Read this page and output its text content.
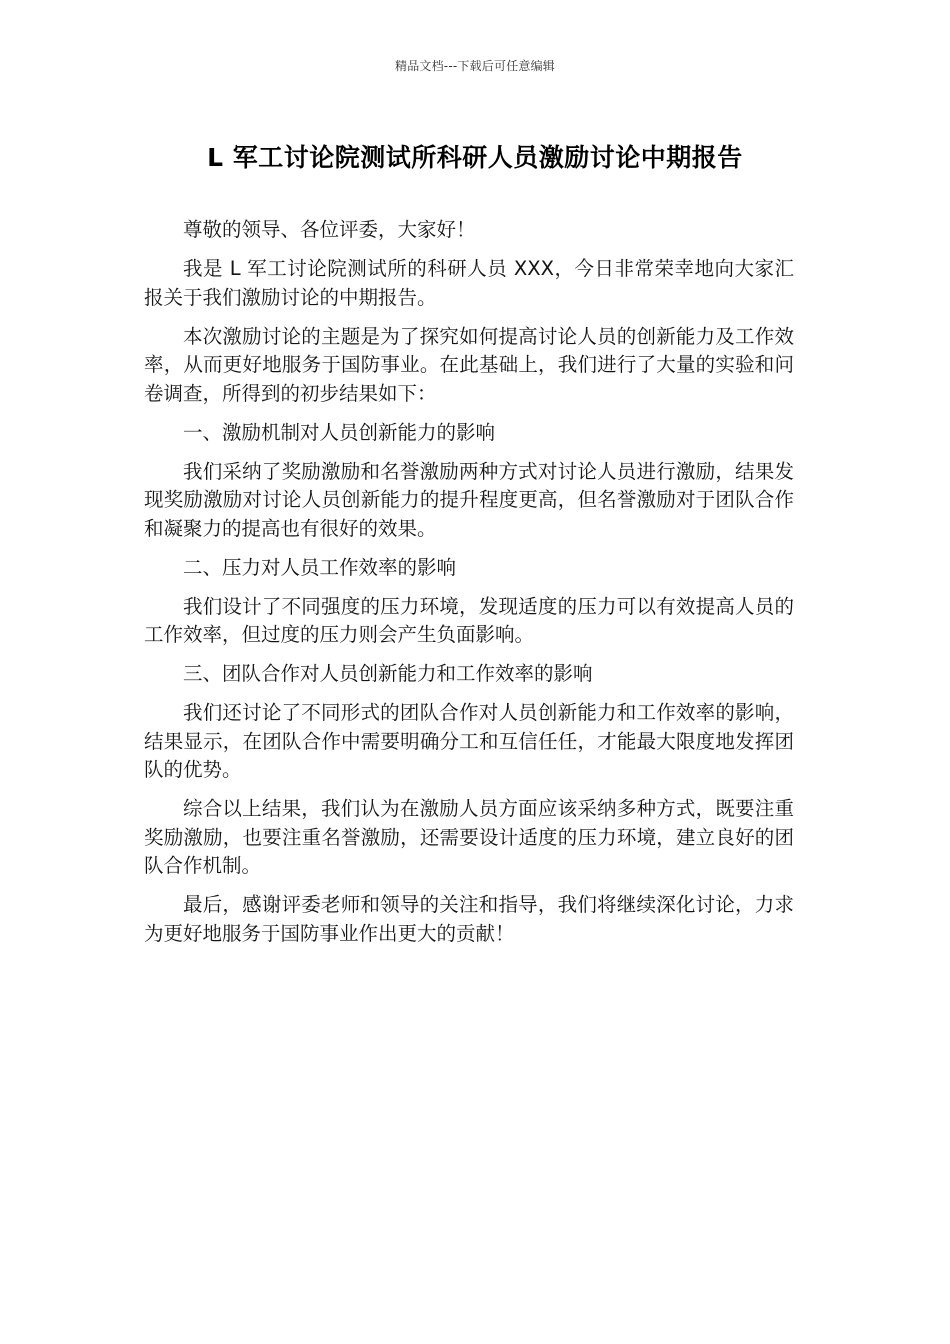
精品文档---下载后可任意编辑
L 军工讨论院测试所科研人员激励讨论中期报告

尊敬的领导、各位评委，大家好！

我是 L 军工讨论院测试所的科研人员 XXX，今日非常荣幸地向大家汇报关于我们激励讨论的中期报告。

本次激励讨论的主题是为了探究如何提高讨论人员的创新能力及工作效率，从而更好地服务于国防事业。在此基础上，我们进行了大量的实验和问卷调查，所得到的初步结果如下：

一、激励机制对人员创新能力的影响

我们采纳了奖励激励和名誉激励两种方式对讨论人员进行激励，结果发现奖励激励对讨论人员创新能力的提升程度更高，但名誉激励对于团队合作和凝聚力的提高也有很好的效果。

二、压力对人员工作效率的影响

我们设计了不同强度的压力环境，发现适度的压力可以有效提高人员的工作效率，但过度的压力则会产生负面影响。

三、团队合作对人员创新能力和工作效率的影响

我们还讨论了不同形式的团队合作对人员创新能力和工作效率的影响，结果显示，在团队合作中需要明确分工和互信任任，才能最大限度地发挥团队的优势。

综合以上结果，我们认为在激励人员方面应该采纳多种方式，既要注重奖励激励，也要注重名誉激励，还需要设计适度的压力环境，建立良好的团队合作机制。

最后，感谢评委老师和领导的关注和指导，我们将继续深化讨论，力求为更好地服务于国防事业作出更大的贡献！
